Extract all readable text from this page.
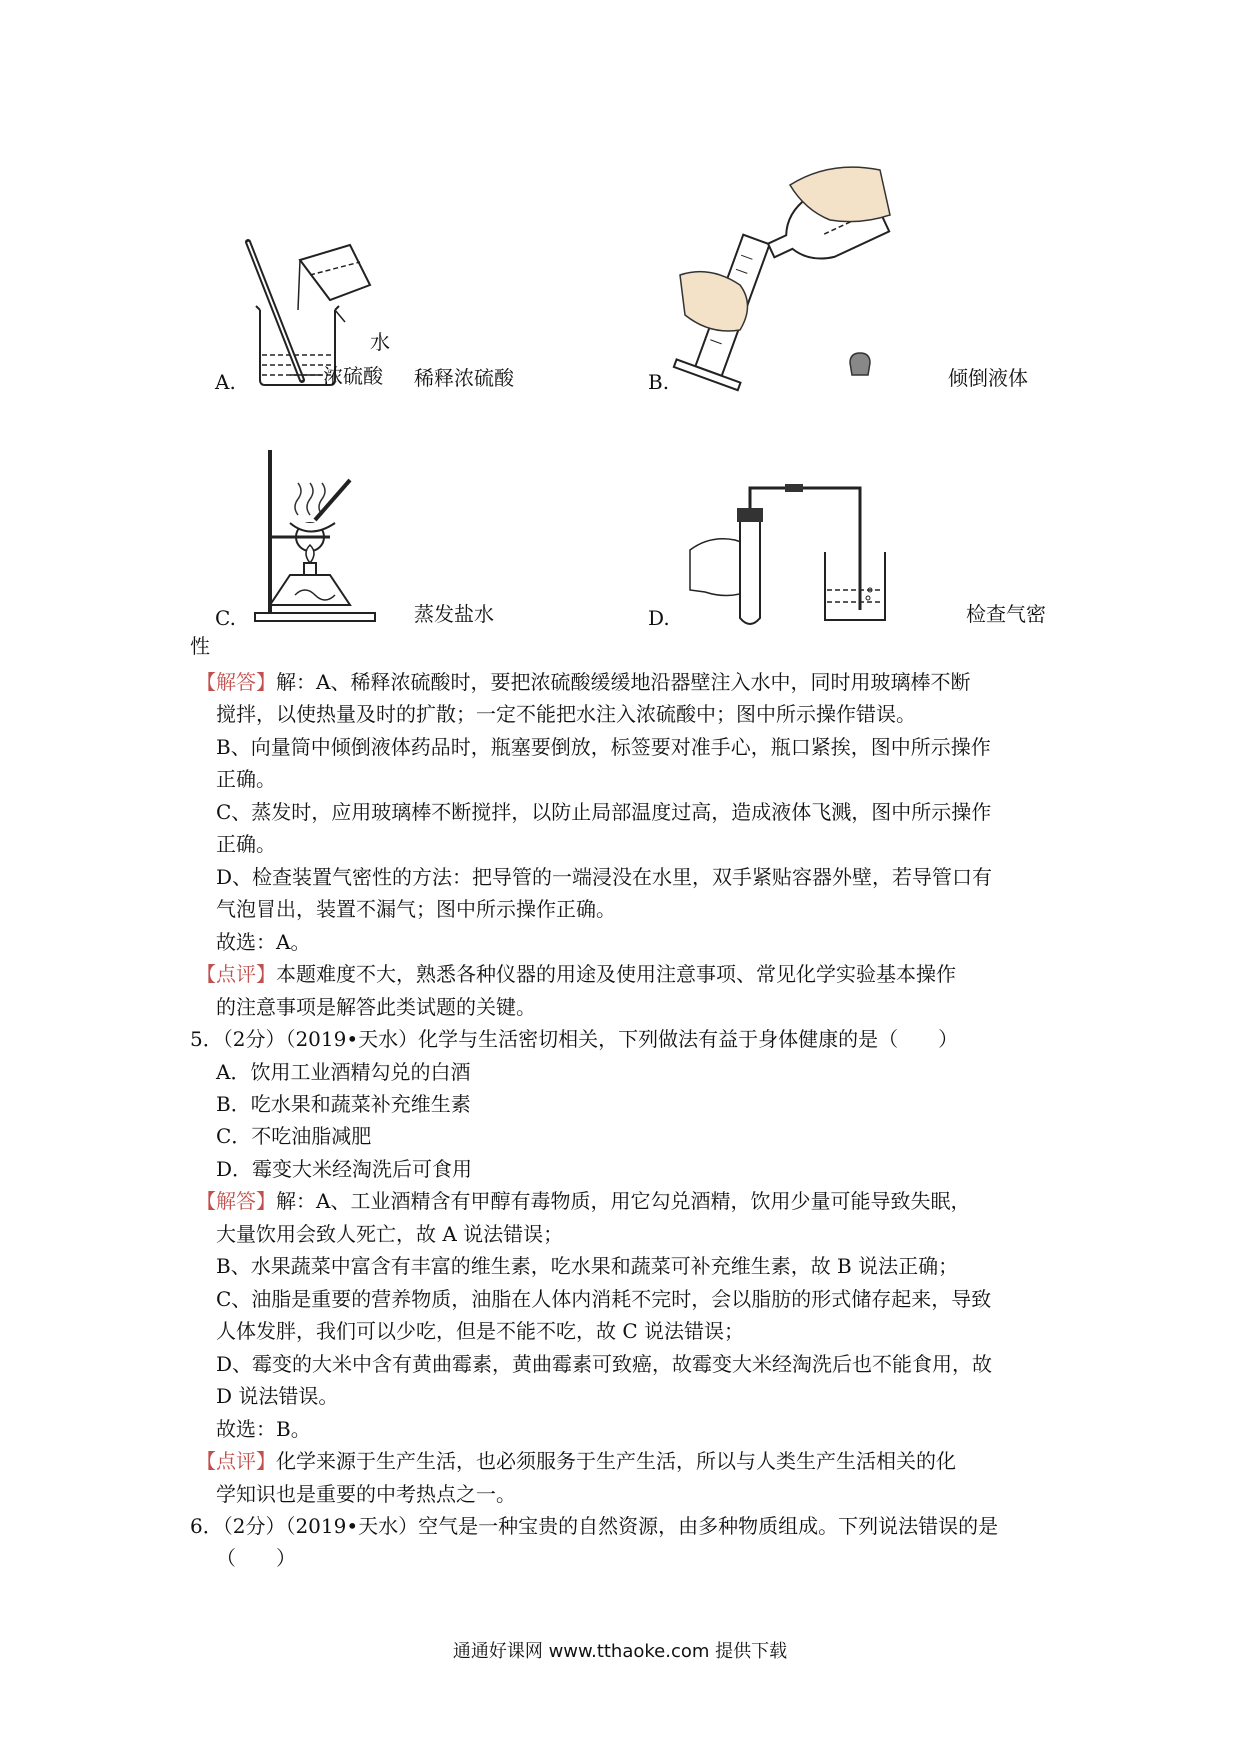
水
浓硫酸
A.	稀释浓硫酸	B.	倾倒液体
C.	蒸发盐水	D.	检查气密
性
【解答】解：A、稀释浓硫酸时，要把浓硫酸缓缓地沿器壁注入水中，同时用玻璃棒不断
搅拌，以使热量及时的扩散；一定不能把水注入浓硫酸中；图中所示操作错误。
B、向量筒中倾倒液体药品时，瓶塞要倒放，标签要对准手心，瓶口紧挨，图中所示操作
正确。
C、蒸发时，应用玻璃棒不断搅拌，以防止局部温度过高，造成液体飞溅，图中所示操作
正确。
D、检查装置气密性的方法：把导管的一端浸没在水里，双手紧贴容器外壁，若导管口有
气泡冒出，装置不漏气；图中所示操作正确。
故选：A。
【点评】本题难度不大，熟悉各种仪器的用途及使用注意事项、常见化学实验基本操作
的注意事项是解答此类试题的关键。
5．（2分）（2019•天水）化学与生活密切相关，下列做法有益于身体健康的是（　　）
A．饮用工业酒精勾兑的白酒
B．吃水果和蔬菜补充维生素
C．不吃油脂减肥
D．霉变大米经淘洗后可食用
【解答】解：A、工业酒精含有甲醇有毒物质，用它勾兑酒精，饮用少量可能导致失眠，
大量饮用会致人死亡，故 A 说法错误；
B、水果蔬菜中富含有丰富的维生素，吃水果和蔬菜可补充维生素，故 B 说法正确；
C、油脂是重要的营养物质，油脂在人体内消耗不完时，会以脂肪的形式储存起来，导致
人体发胖，我们可以少吃，但是不能不吃，故 C 说法错误；
D、霉变的大米中含有黄曲霉素，黄曲霉素可致癌，故霉变大米经淘洗后也不能食用，故
D 说法错误。
故选：B。
【点评】化学来源于生产生活，也必须服务于生产生活，所以与人类生产生活相关的化
学知识也是重要的中考热点之一。
6．（2分）（2019•天水）空气是一种宝贵的自然资源，由多种物质组成。下列说法错误的是
（　　）
通通好课网 www.tthaoke.com 提供下载
